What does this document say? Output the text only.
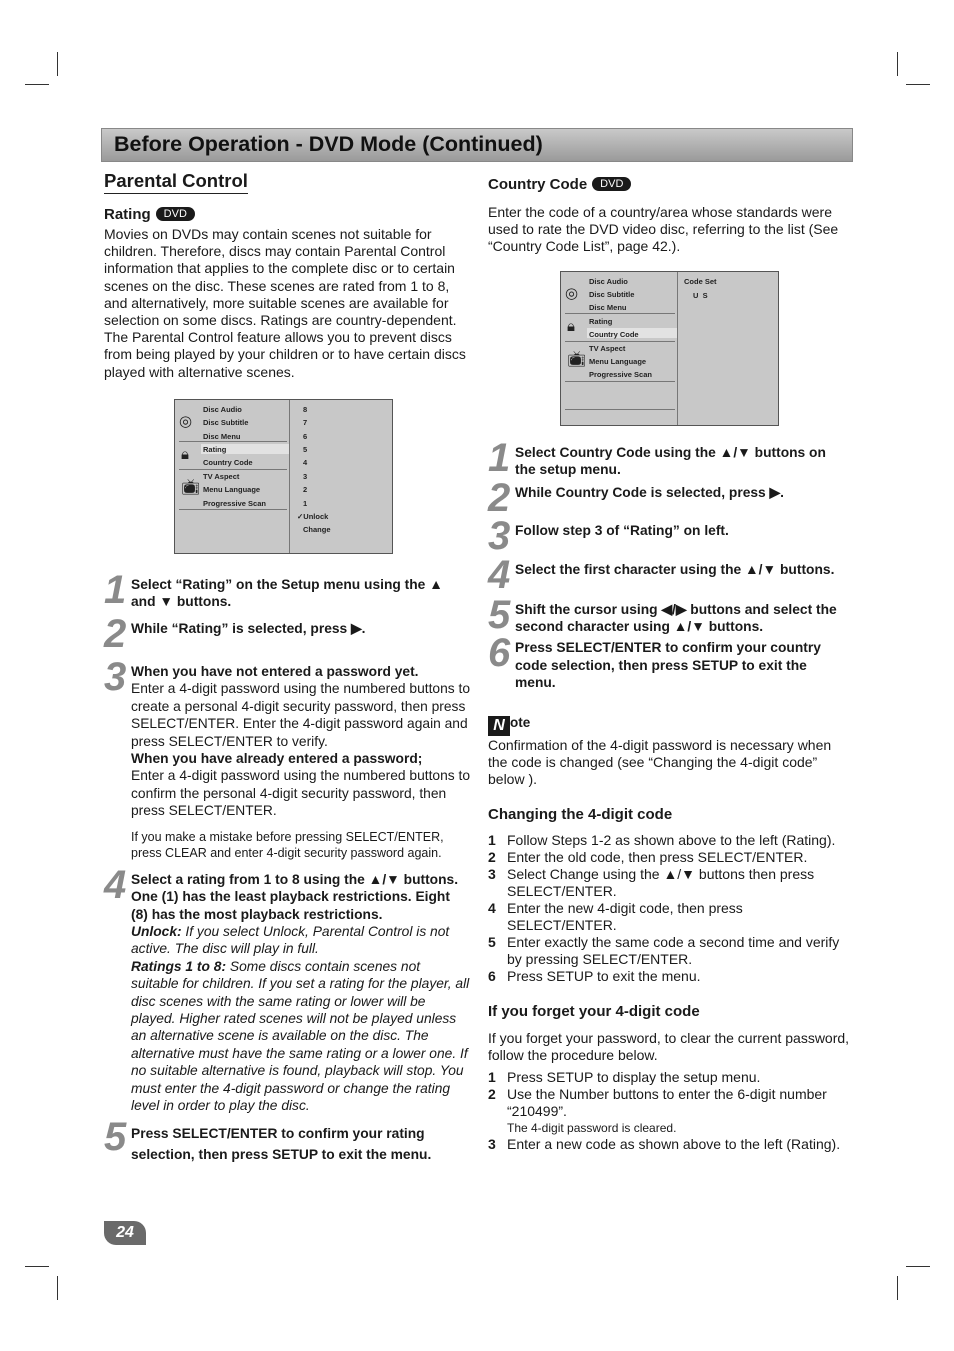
Before Operation - DVD Mode (Continued)
Parental Control
Rating DVD

Movies on DVDs may contain scenes not suitable for children. Therefore, discs may contain Parental Control information that applies to the complete disc or to certain scenes on the disc. These scenes are rated from 1 to 8, and alternatively, more suitable scenes are available for selection on some discs. Ratings are country-dependent. The Parental Control feature allows you to prevent discs from being played by your children or to have certain discs played with alternative scenes.

◎
🔒︎
📺︎
Disc Audio
Disc Subtitle
Disc Menu
Rating
Country Code
TV Aspect
Menu Language
Progressive Scan
8
7
6
5
4
3
2
1
✓Unlock
Change
1 Select “Rating” on the Setup menu using the ▲ and ▼ buttons.
2 While “Rating” is selected, press ▶.
3 When you have not entered a password yet.
Enter a 4-digit password using the numbered buttons to create a personal 4-digit security password, then press SELECT/ENTER. Enter the 4-digit password again and press SELECT/ENTER to verify.
When you have already entered a password;
Enter a 4-digit password using the numbered buttons to confirm the personal 4-digit security password, then press SELECT/ENTER.
If you make a mistake before pressing SELECT/ENTER, press CLEAR and enter 4-digit security password again.
4 Select a rating from 1 to 8 using the ▲/▼ buttons. One (1) has the least playback restrictions. Eight (8) has the most playback restrictions.
Unlock: If you select Unlock, Parental Control is not active. The disc will play in full.
Ratings 1 to 8: Some discs contain scenes not suitable for children. If you set a rating for the player, all disc scenes with the same rating or lower will be played. Higher rated scenes will not be played unless an alternative scene is available on the disc. The alternative must have the same rating or a lower one. If no suitable alternative is found, playback will stop. You must enter the 4-digit password or change the rating level in order to play the disc.
5 Press SELECT/ENTER to confirm your rating selection, then press SETUP to exit the menu.
Country Code DVD

Enter the code of a country/area whose standards were used to rate the DVD video disc, referring to the list (See “Country Code List”, page 42.).

◎
🔒︎
📺︎
Disc Audio
Disc Subtitle
Disc Menu
Rating
Country Code
TV Aspect
Menu Language
Progressive Scan
Code Set
U  S
1 Select Country Code using the ▲/▼ buttons on the setup menu.
2 While Country Code is selected, press ▶.
3 Follow step 3 of “Rating” on left.
4 Select the first character using the ▲/▼ buttons.
5 Shift the cursor using ◀/▶ buttons and select the second character using ▲/▼ buttons.
6 Press SELECT/ENTER to confirm your country code selection, then press SETUP to exit the menu.
N ote

Confirmation of the 4-digit password is necessary when the code is changed (see “Changing the 4-digit code” below ).

Changing the 4-digit code
1 Follow Steps 1-2 as shown above to the left (Rating).
2 Enter the old code, then press SELECT/ENTER.
3 Select Change using the ▲/▼ buttons then press SELECT/ENTER.
4 Enter the new 4-digit code, then press SELECT/ENTER.
5 Enter exactly the same code a second time and verify by pressing SELECT/ENTER.
6 Press SETUP to exit the menu.
If you forget your 4-digit code

If you forget your password, to clear the current password, follow the procedure below.

1 Press SETUP to display the setup menu.
2 Use the Number buttons to enter the 6-digit number “210499”.
The 4-digit password is cleared.
3 Enter a new code as shown above to the left (Rating).
24
